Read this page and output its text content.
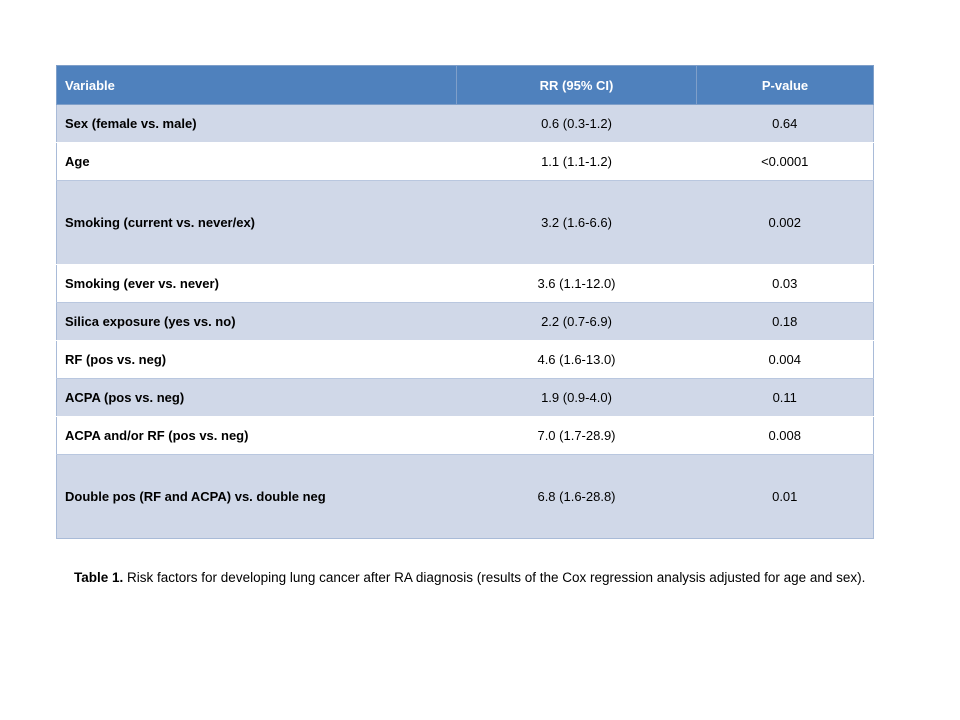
Variable	RR (95% CI)	P-value
Sex (female vs. male)	0.6 (0.3-1.2)	0.64
Age	1.1 (1.1-1.2)	<0.0001
Smoking (current vs. never/ex)	3.2 (1.6-6.6)	0.002
Smoking (ever vs. never)	3.6 (1.1-12.0)	0.03
Silica exposure (yes vs. no)	2.2 (0.7-6.9)	0.18
RF (pos vs. neg)	4.6 (1.6-13.0)	0.004
ACPA (pos vs. neg)	1.9 (0.9-4.0)	0.11
ACPA and/or RF (pos vs. neg)	7.0 (1.7-28.9)	0.008
Double pos (RF and ACPA) vs. double neg	6.8 (1.6-28.8)	0.01
Table 1. Risk factors for developing lung cancer after RA diagnosis (results of the Cox regression analysis adjusted for age and sex).
